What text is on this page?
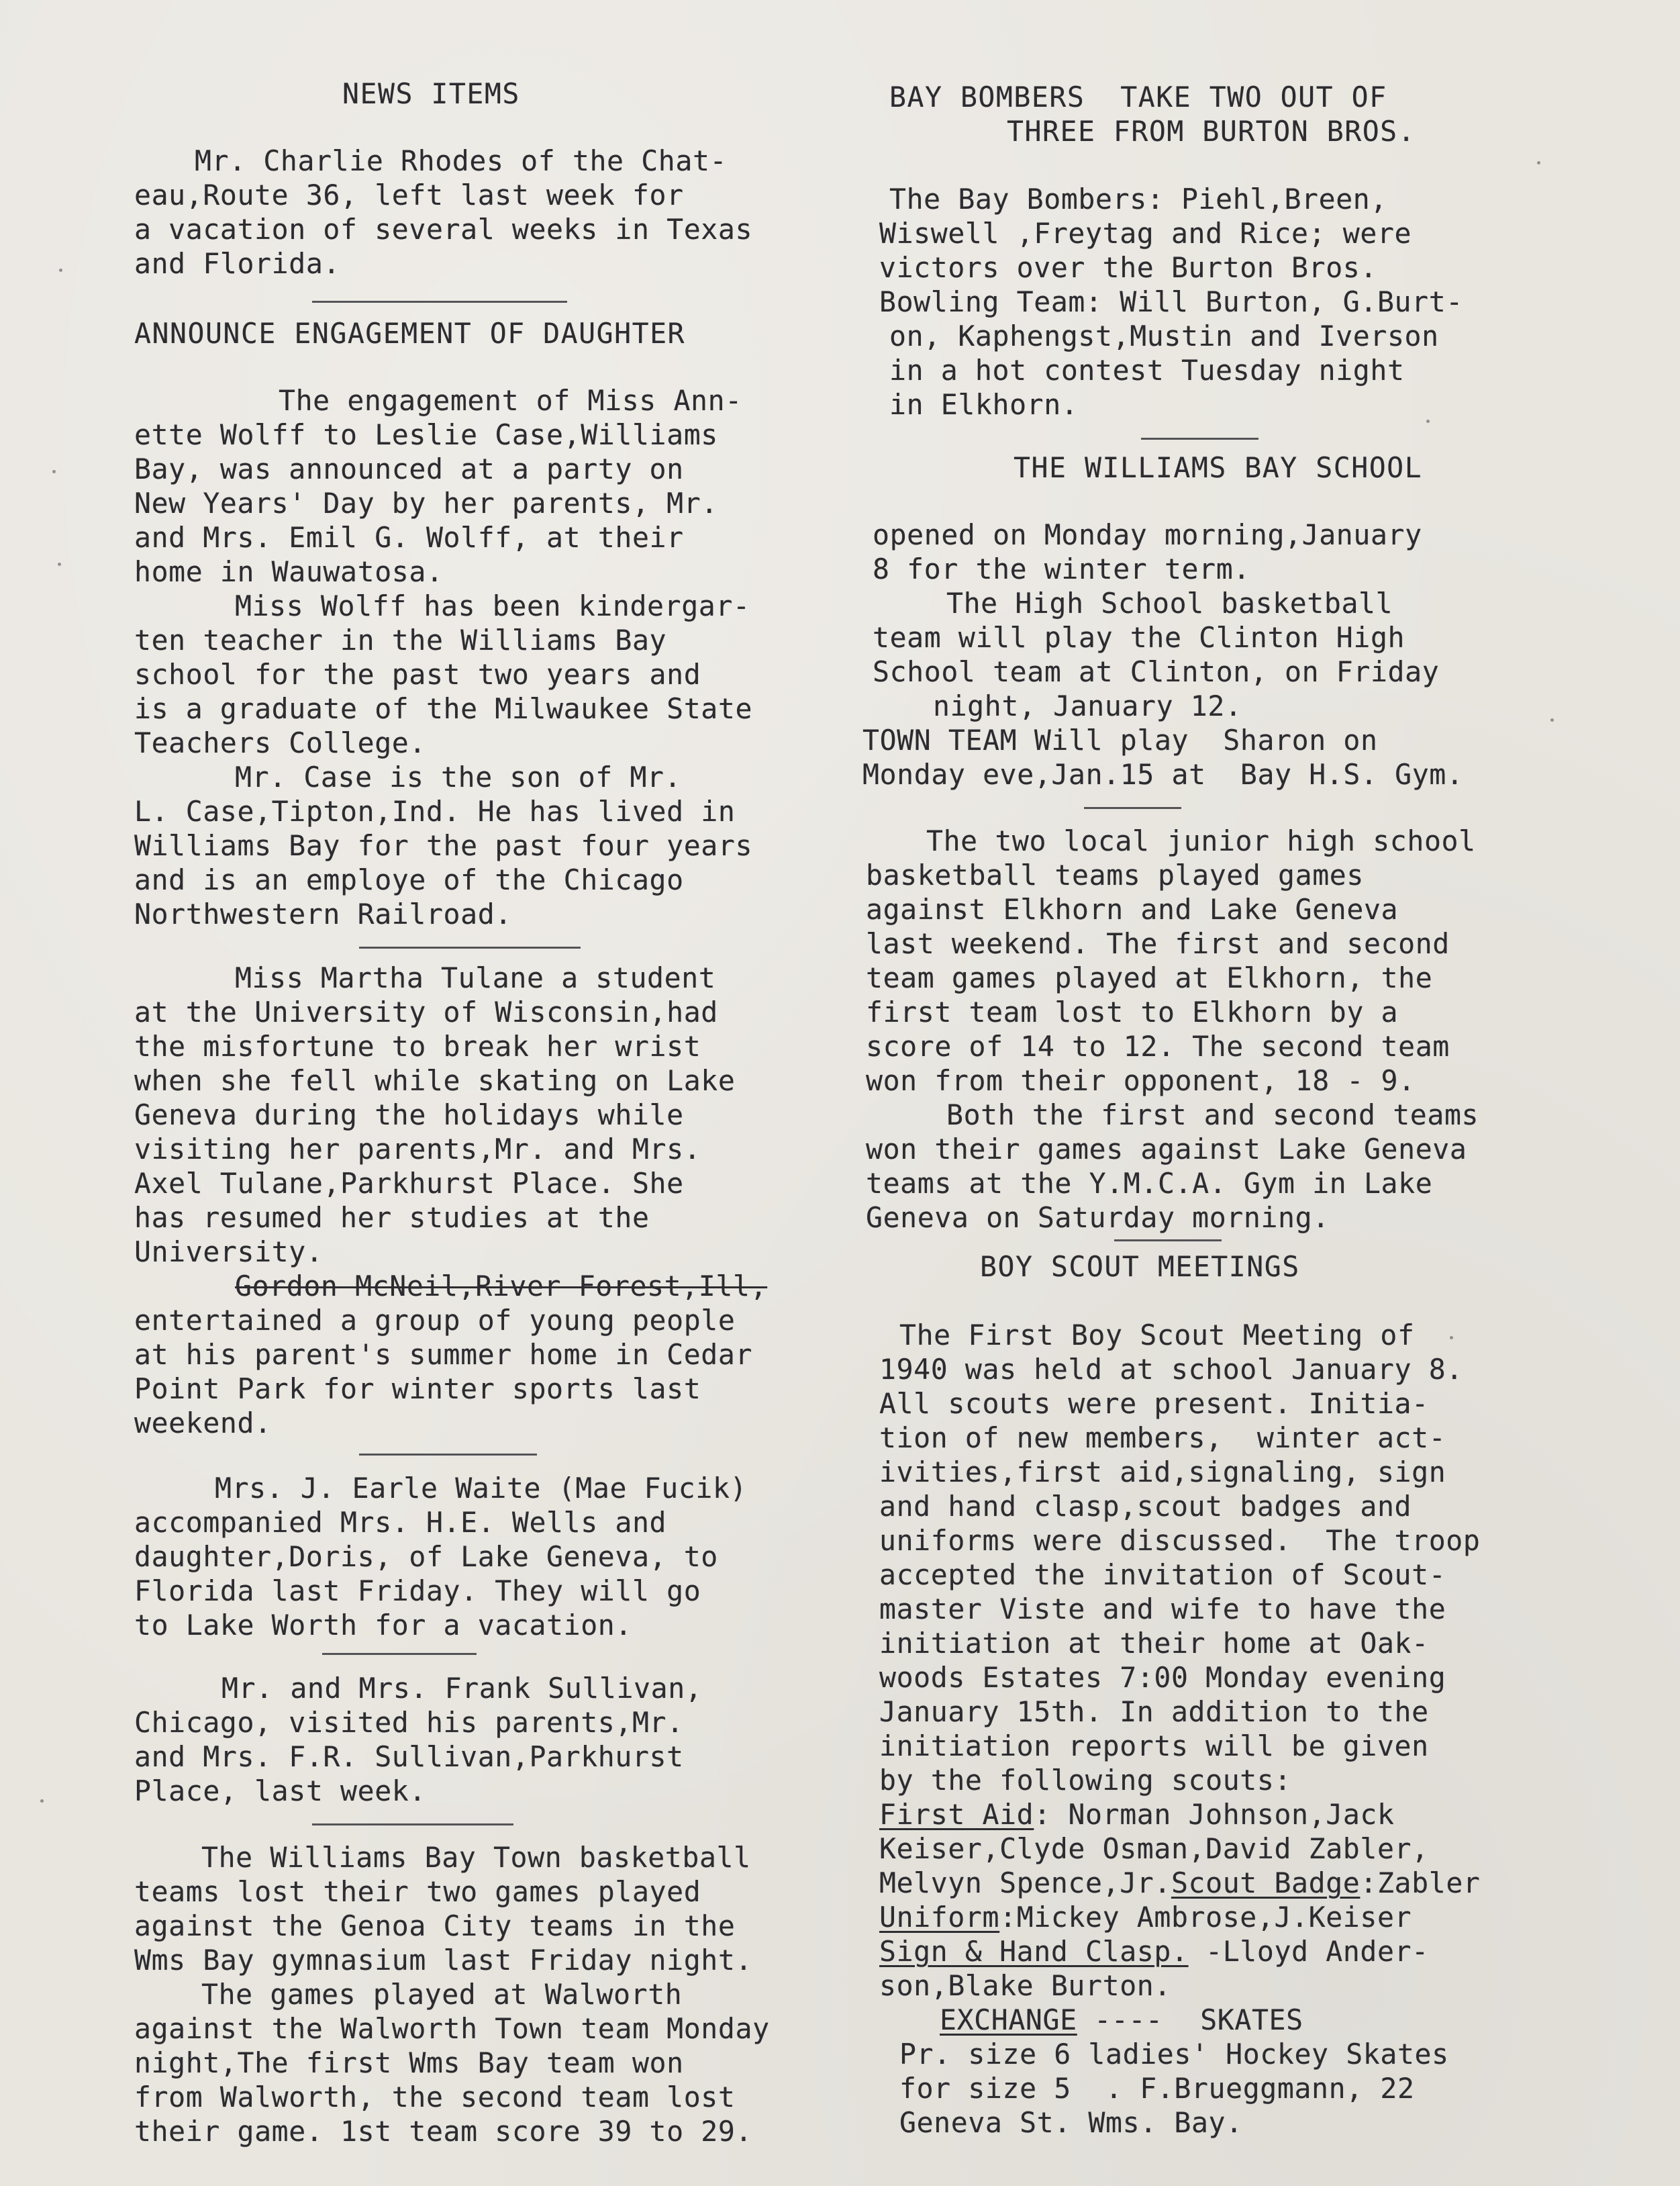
NEWS ITEMS
Mr. Charlie Rhodes of the Chat-
eau,Route 36, left last week for
a vacation of several weeks in Texas
and Florida.
ANNOUNCE ENGAGEMENT OF DAUGHTER
The engagement of Miss Ann-
ette Wolff to Leslie Case,Williams
Bay, was announced at a party on
New Years' Day by her parents, Mr.
and Mrs. Emil G. Wolff, at their
home in Wauwatosa.
Miss Wolff has been kindergar-
ten teacher in the Williams Bay
school for the past two years and
is a graduate of the Milwaukee State
Teachers College.
Mr. Case is the son of Mr.
L. Case,Tipton,Ind. He has lived in
Williams Bay for the past four years
and is an employe of the Chicago
Northwestern Railroad.
Miss Martha Tulane a student
at the University of Wisconsin,had
the misfortune to break her wrist
when she fell while skating on Lake
Geneva during the holidays while
visiting her parents,Mr. and Mrs.
Axel Tulane,Parkhurst Place. She
has resumed her studies at the
University.
Gordon McNeil,River Forest,Ill,
entertained a group of young people
at his parent's summer home in Cedar
Point Park for winter sports last
weekend.
Mrs. J. Earle Waite (Mae Fucik)
accompanied Mrs. H.E. Wells and
daughter,Doris, of Lake Geneva, to
Florida last Friday. They will go
to Lake Worth for a vacation.
Mr. and Mrs. Frank Sullivan,
Chicago, visited his parents,Mr.
and Mrs. F.R. Sullivan,Parkhurst
Place, last week.
The Williams Bay Town basketball
teams lost their two games played
against the Genoa City teams in the
Wms Bay gymnasium last Friday night.
The games played at Walworth
against the Walworth Town team Monday
night,The first Wms Bay team won
from Walworth, the second team lost
their game. 1st team score 39 to 29.
BAY BOMBERS  TAKE TWO OUT OF
THREE FROM BURTON BROS.
The Bay Bombers: Piehl,Breen,
Wiswell ,Freytag and Rice; were
victors over the Burton Bros.
Bowling Team: Will Burton, G.Burt-
on, Kaphengst,Mustin and Iverson
in a hot contest Tuesday night
in Elkhorn.
THE WILLIAMS BAY SCHOOL
opened on Monday morning,January
8 for the winter term.
The High School basketball
team will play the Clinton High
School team at Clinton, on Friday
night, January 12.
TOWN TEAM Will play  Sharon on
Monday eve,Jan.15 at  Bay H.S. Gym.
The two local junior high school
basketball teams played games
against Elkhorn and Lake Geneva
last weekend. The first and second
team games played at Elkhorn, the
first team lost to Elkhorn by a
score of 14 to 12. The second team
won from their opponent, 18 - 9.
Both the first and second teams
won their games against Lake Geneva
teams at the Y.M.C.A. Gym in Lake
Geneva on Saturday morning.
BOY SCOUT MEETINGS
The First Boy Scout Meeting of
1940 was held at school January 8.
All scouts were present. Initia-
tion of new members,  winter act-
ivities,first aid,signaling, sign
and hand clasp,scout badges and
uniforms were discussed.  The troop
accepted the invitation of Scout-
master Viste and wife to have the
initiation at their home at Oak-
woods Estates 7:00 Monday evening
January 15th. In addition to the
initiation reports will be given
by the following scouts:
First Aid: Norman Johnson,Jack
Keiser,Clyde Osman,David Zabler,
Melvyn Spence,Jr.Scout Badge:Zabler
Uniform:Mickey Ambrose,J.Keiser
Sign & Hand Clasp. -Lloyd Ander-
son,Blake Burton.
EXCHANGE ---- SKATES
Pr. size 6 ladies' Hockey Skates
for size 5  . F.Brueggmann, 22
Geneva St. Wms. Bay.
